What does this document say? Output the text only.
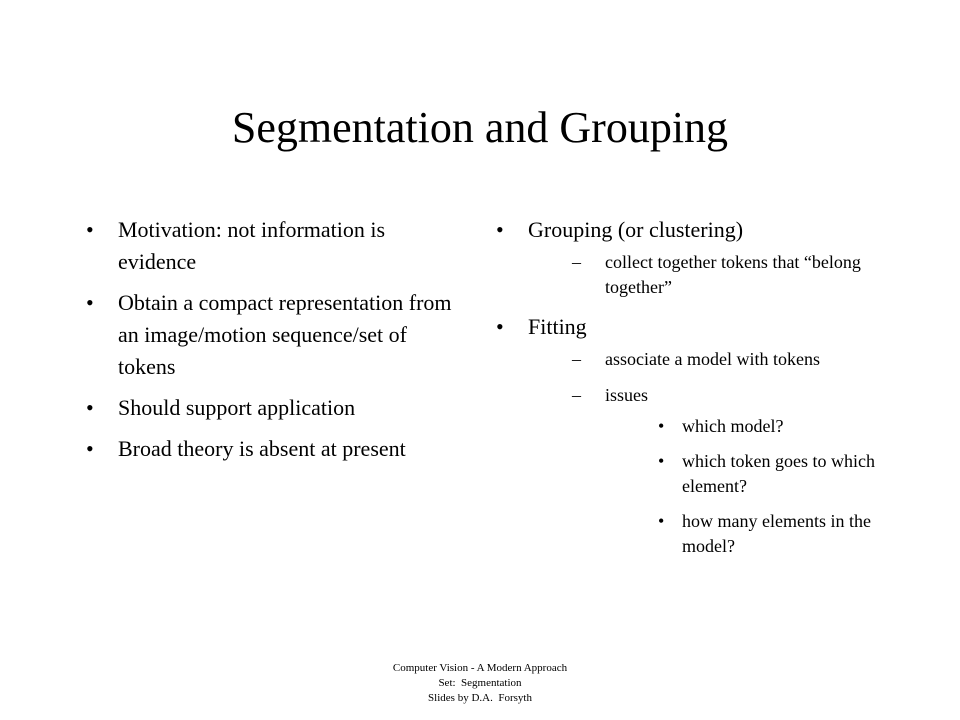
Segmentation and Grouping
• Motivation: not information is evidence
• Obtain a compact representation from an image/motion sequence/set of tokens
• Should support application
• Broad theory is absent at present
• Grouping (or clustering)
– collect together tokens that “belong together”
• Fitting
– associate a model with tokens
– issues
• which model?
• which token goes to which element?
• how many elements in the model?
Computer Vision - A Modern Approach
Set:  Segmentation
Slides by D.A.  Forsyth
